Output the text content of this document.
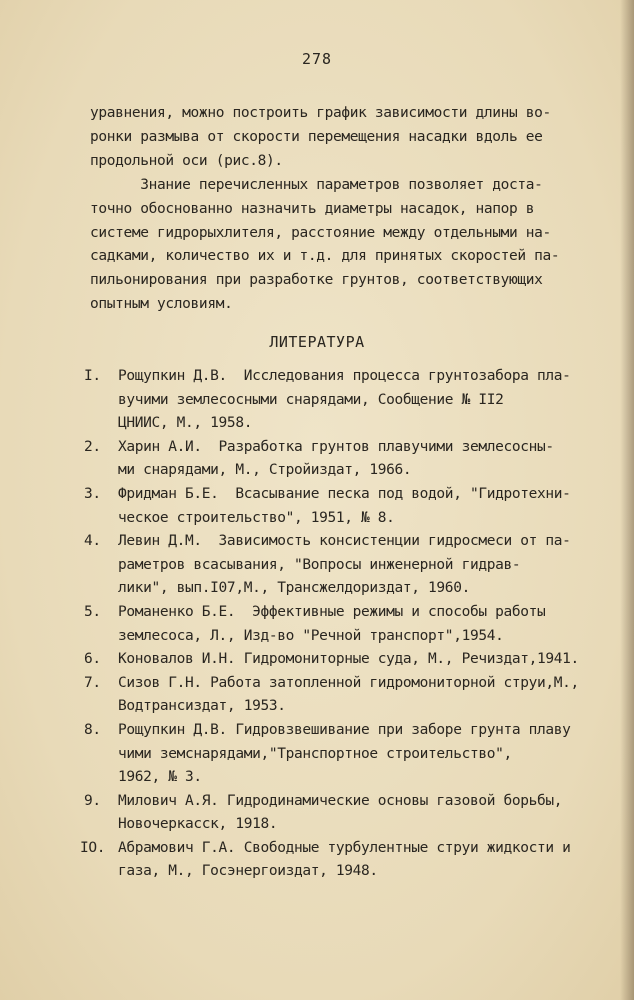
278
уравнения, можно построить график зависимости длины во-
ронки размыва от скорости перемещения насадки вдоль ее
продольной оси (рис.8).
Знание перечисленных параметров позволяет доста-
точно обоснованно назначить диаметры насадок, напор в
системе гидрорыхлителя, расстояние между отдельными на-
садками, количество их и т.д. для принятых скоростей па-
пильонирования при разработке грунтов, соответствующих
опытным условиям.
ЛИТЕРАТУРА
I.	Рощупкин Д.В.  Исследования процесса грунтозабора пла-
вучими землесосными снарядами, Сообщение № II2
ЦНИИС, М., 1958.
2.	Харин А.И.  Разработка грунтов плавучими землесосны-
ми снарядами, М., Стройиздат, 1966.
3.	Фридман Б.Е.  Всасывание песка под водой, "Гидротехни-
ческое строительство", 1951, № 8.
4.	Левин Д.М.  Зависимость консистенции гидросмеси от па-
раметров всасывания, "Вопросы инженерной гидрав-
лики", вып.I07,М., Трансжелдориздат, 1960.
5.	Романенко Б.Е.  Эффективные режимы и способы работы
землесоса, Л., Изд-во "Речной транспорт",1954.
6.	Коновалов И.Н. Гидромониторные суда, М., Речиздат,1941.
7.	Сизов Г.Н. Работа затопленной гидромониторной струи,М.,
Водтрансиздат, 1953.
8.	Рощупкин Д.В. Гидровзвешивание при заборе грунта плаву
чими земснарядами,"Транспортное строительство",
1962, № 3.
9.	Милович А.Я. Гидродинамические основы газовой борьбы,
Новочеркасск, 1918.
IO. Абрамович Г.А. Свободные турбулентные струи жидкости и
газа, М., Госэнергоиздат, 1948.
